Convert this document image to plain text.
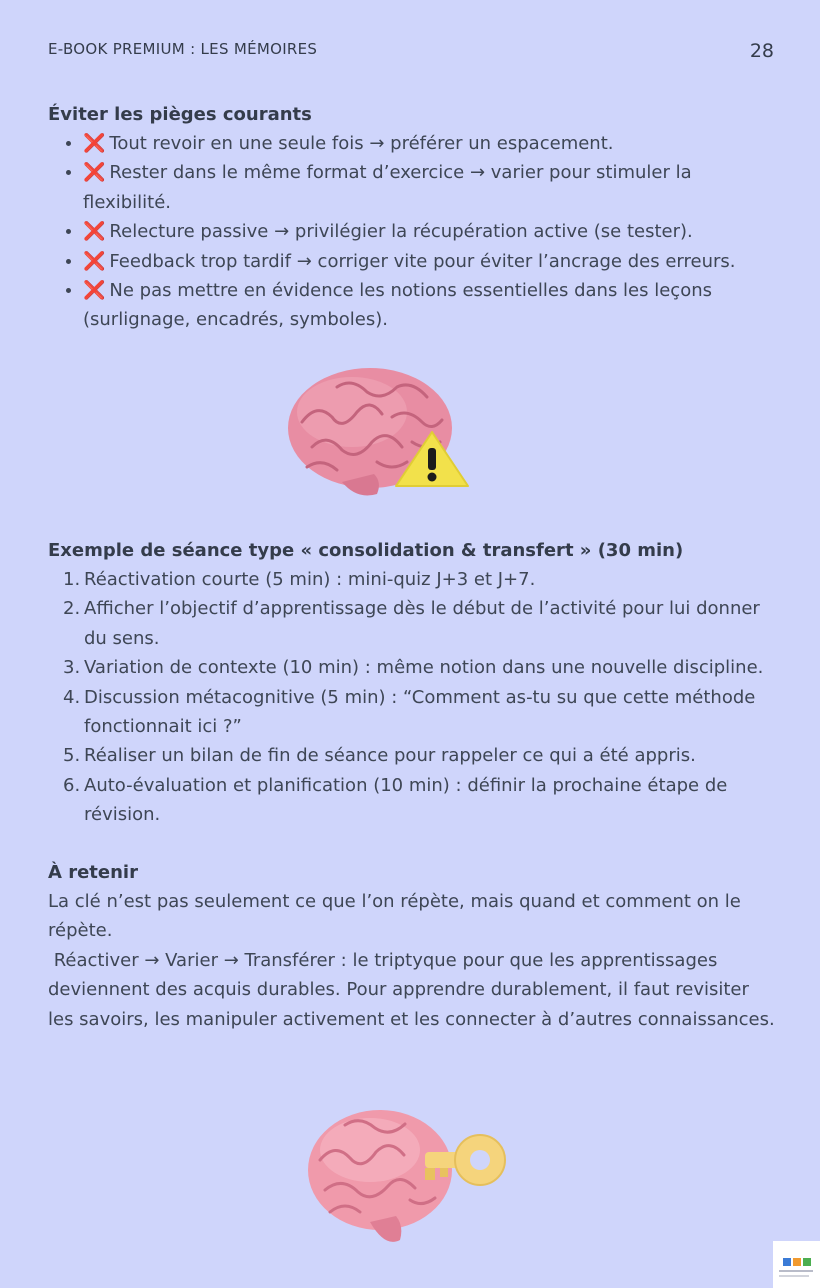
E-BOOK PREMIUM : LES MÉMOIRES	28
Éviter les pièges courants
• ❌ Tout revoir en une seule fois → préférer un espacement.
• ❌ Rester dans le même format d’exercice → varier pour stimuler la flexibilité.
• ❌ Relecture passive → privilégier la récupération active (se tester).
• ❌ Feedback trop tardif → corriger vite pour éviter l’ancrage des erreurs.
• ❌ Ne pas mettre en évidence les notions essentielles dans les leçons (surlignage, encadrés, symboles).
Exemple de séance type « consolidation & transfert » (30 min)
1. Réactivation courte (5 min) : mini-quiz J+3 et J+7.
2. Afficher l’objectif d’apprentissage dès le début de l’activité pour lui donner du sens.
3. Variation de contexte (10 min) : même notion dans une nouvelle discipline.
4. Discussion métacognitive (5 min) : “Comment as-tu su que cette méthode fonctionnait ici ?”
5. Réaliser un bilan de fin de séance pour rappeler ce qui a été appris.
6. Auto-évaluation et planification (10 min) : définir la prochaine étape de révision.
À retenir

La clé n’est pas seulement ce que l’on répète, mais quand et comment on le répète.

Réactiver → Varier → Transférer : le triptyque pour que les apprentissages deviennent des acquis durables. Pour apprendre durablement, il faut revisiter les savoirs, les manipuler activement et les connecter à d’autres connaissances.
